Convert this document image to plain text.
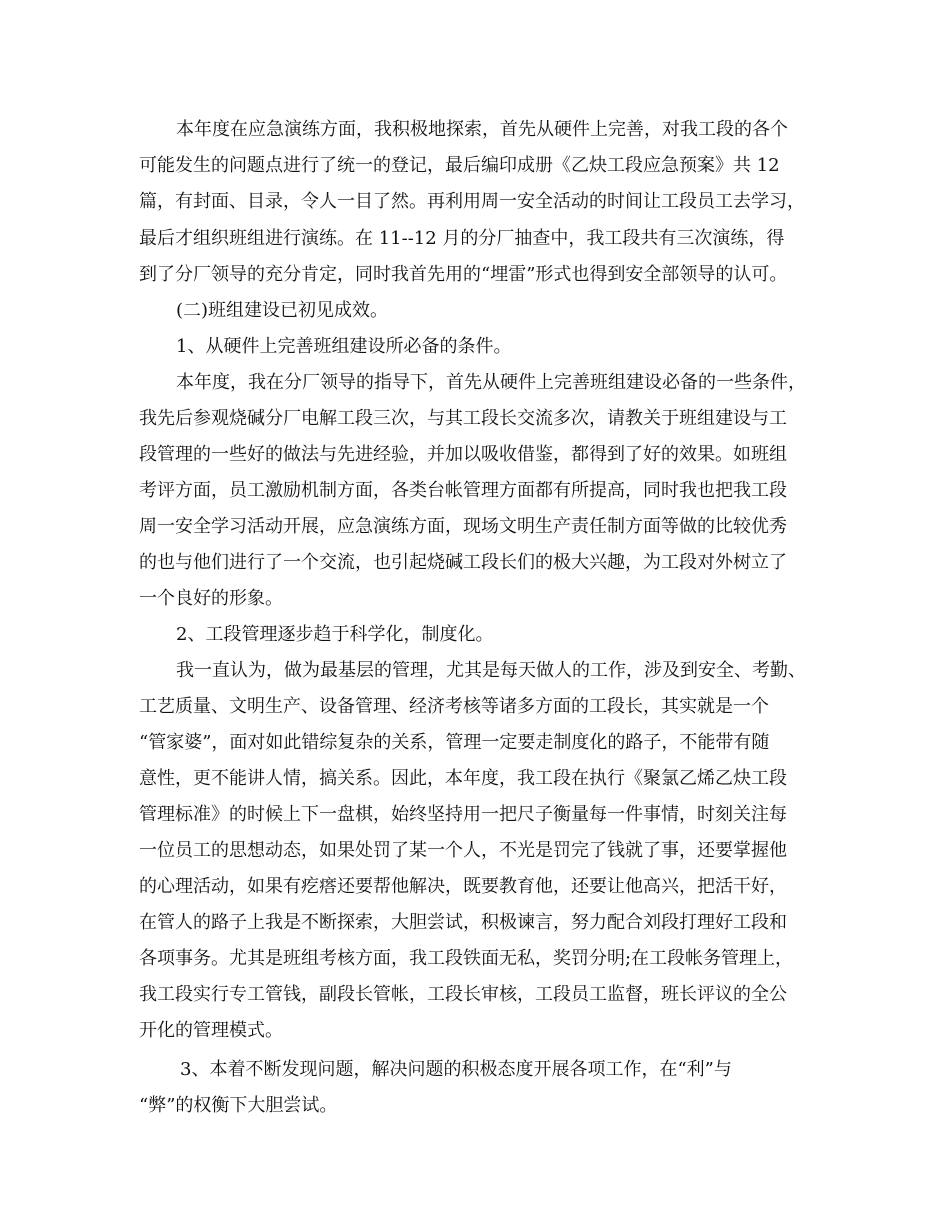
本年度在应急演练方面，我积极地探索，首先从硬件上完善，对我工段的各个
可能发生的问题点进行了统一的登记，最后编印成册《乙炔工段应急预案》共 12
篇，有封面、目录，令人一目了然。再利用周一安全活动的时间让工段员工去学习，
最后才组织班组进行演练。在 11--12 月的分厂抽查中，我工段共有三次演练，得
到了分厂领导的充分肯定，同时我首先用的“埋雷”形式也得到安全部领导的认可。
(二)班组建设已初见成效。
1、从硬件上完善班组建设所必备的条件。
本年度，我在分厂领导的指导下，首先从硬件上完善班组建设必备的一些条件，
我先后参观烧碱分厂电解工段三次，与其工段长交流多次，请教关于班组建设与工
段管理的一些好的做法与先进经验，并加以吸收借鉴，都得到了好的效果。如班组
考评方面，员工激励机制方面，各类台帐管理方面都有所提高，同时我也把我工段
周一安全学习活动开展，应急演练方面，现场文明生产责任制方面等做的比较优秀
的也与他们进行了一个交流，也引起烧碱工段长们的极大兴趣，为工段对外树立了
一个良好的形象。
2、工段管理逐步趋于科学化，制度化。
我一直认为，做为最基层的管理，尤其是每天做人的工作，涉及到安全、考勤、
工艺质量、文明生产、设备管理、经济考核等诸多方面的工段长，其实就是一个
“管家婆”，面对如此错综复杂的关系，管理一定要走制度化的路子，不能带有随
意性，更不能讲人情，搞关系。因此，本年度，我工段在执行《聚氯乙烯乙炔工段
管理标准》的时候上下一盘棋，始终坚持用一把尺子衡量每一件事情，时刻关注每
一位员工的思想动态，如果处罚了某一个人，不光是罚完了钱就了事，还要掌握他
的心理活动，如果有疙瘩还要帮他解决，既要教育他，还要让他高兴，把活干好，
在管人的路子上我是不断探索，大胆尝试，积极谏言，努力配合刘段打理好工段和
各项事务。尤其是班组考核方面，我工段铁面无私，奖罚分明;在工段帐务管理上，
我工段实行专工管钱，副段长管帐，工段长审核，工段员工监督，班长评议的全公
开化的管理模式。
3、本着不断发现问题，解决问题的积极态度开展各项工作，在“利”与
“弊”的权衡下大胆尝试。
